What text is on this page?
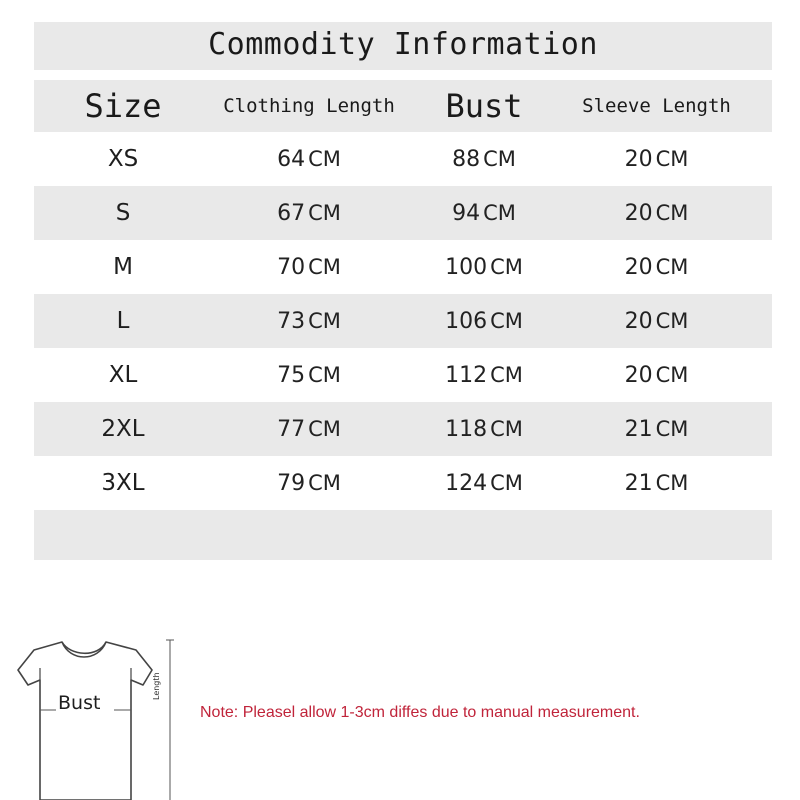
Commodity Information
Size	Clothing Length	Bust	Sleeve Length
XS	64 CM	88 CM	20 CM
S	67 CM	94 CM	20 CM
M	70 CM	100 CM	20 CM
L	73 CM	106 CM	20 CM
XL	75 CM	112 CM	20 CM
2XL	77 CM	118 CM	21 CM
3XL	79 CM	124 CM	21 CM
Bust
Length
Note: Pleasel allow 1-3cm diffes due to manual measurement.
